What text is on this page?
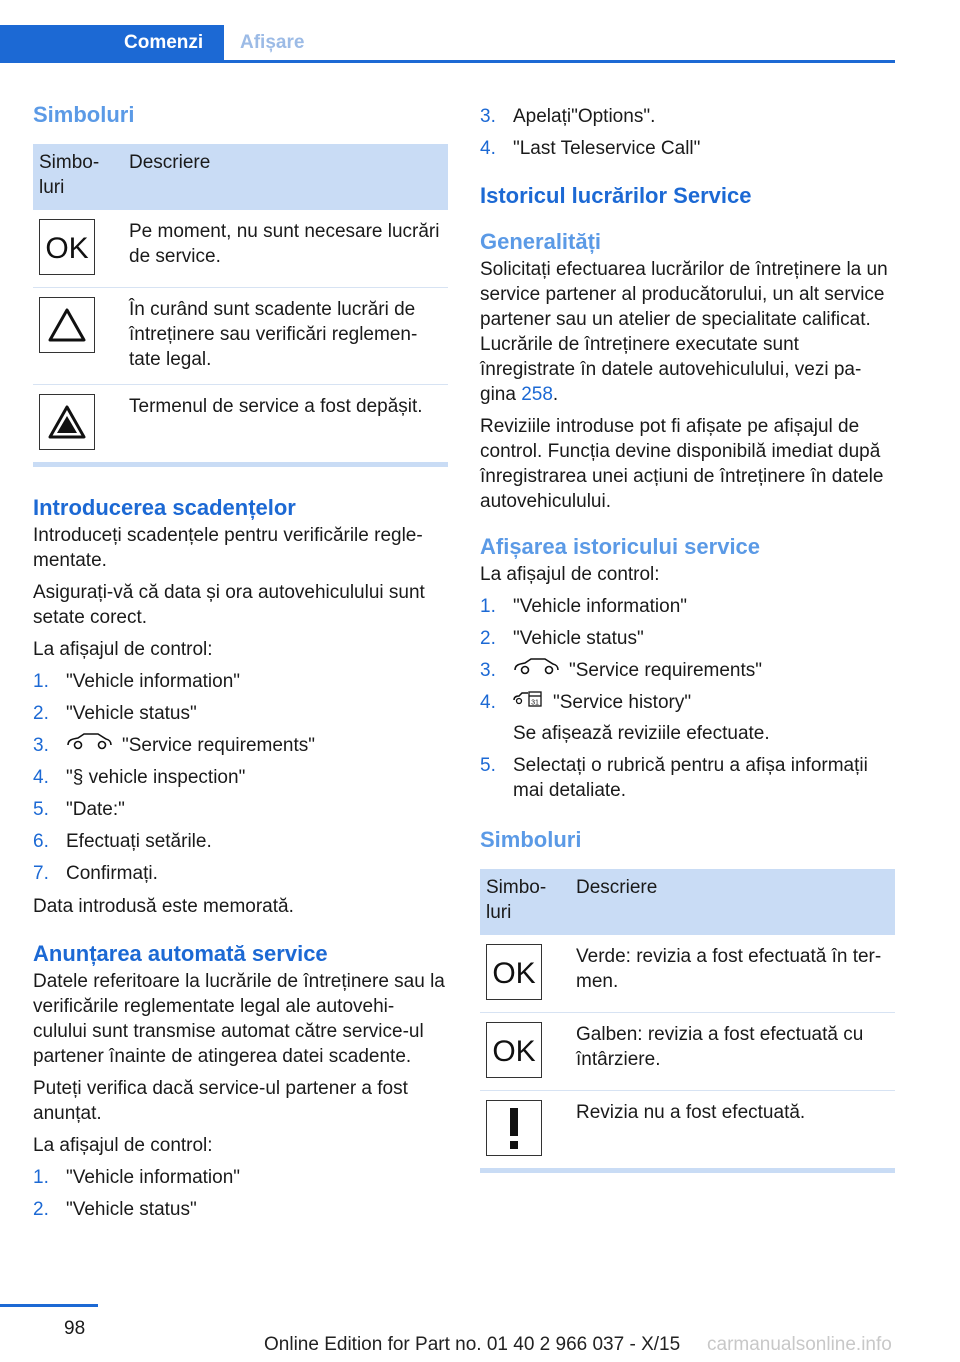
Comenzi	Afișare
Simboluri
Simbo-
luri	Descriere

OK	Pe moment, nu sunt necesare lucrări de service.

	În curând sunt scadente lucrări de întreținere sau verificări reglemen-tate legal.

	Termenul de service a fost depășit.
Introducerea scadențelor

Introduceți scadențele pentru verificările regle-mentate.

Asigurați-vă că data și ora autovehiculului sunt setate corect.

La afișajul de control:

1. "Vehicle information"
2. "Vehicle status"
3.	"Service requirements"
4. "§ vehicle inspection"
5. "Date:"
6. Efectuați setările.
7. Confirmați.

Data introdusă este memorată.

Anunțarea automată service

Datele referitoare la lucrările de întreținere sau la verificările reglementate legal ale autovehi-culului sunt transmise automat către service-ul partener înainte de atingerea datei scadente.

Puteți verifica dacă service-ul partener a fost anunțat.

La afișajul de control:

1. "Vehicle information"
2. "Vehicle status"
3. Apelați"Options".
4. "Last Teleservice Call"
Istoricul lucrărilor Service
Generalități

Solicitați efectuarea lucrărilor de întreținere la un service partener al producătorului, un alt service partener sau un atelier de specialitate calificat. Lucrările de întreținere executate sunt înregistrate în datele autovehiculului, vezi pa-gina 258.

Reviziile introduse pot fi afișate pe afișajul de control. Funcția devine disponibilă imediat după înregistrarea unei acțiuni de întreținere în datele autovehiculului.

Afișarea istoricului service

La afișajul de control:

1. "Vehicle information"
2. "Vehicle status"
3.	"Service requirements"
4.	31 "Service history"
Se afișează reviziile efectuate.
5. Selectați o rubrică pentru a afișa informații mai detaliate.
Simboluri
Simbo-
luri	Descriere

OK	Verde: revizia a fost efectuată în ter-men.

OK	Galben: revizia a fost efectuată cu întârziere.

	Revizia nu a fost efectuată.
98
Online Edition for Part no. 01 40 2 966 037 - X/15 carmanualsonline.info
